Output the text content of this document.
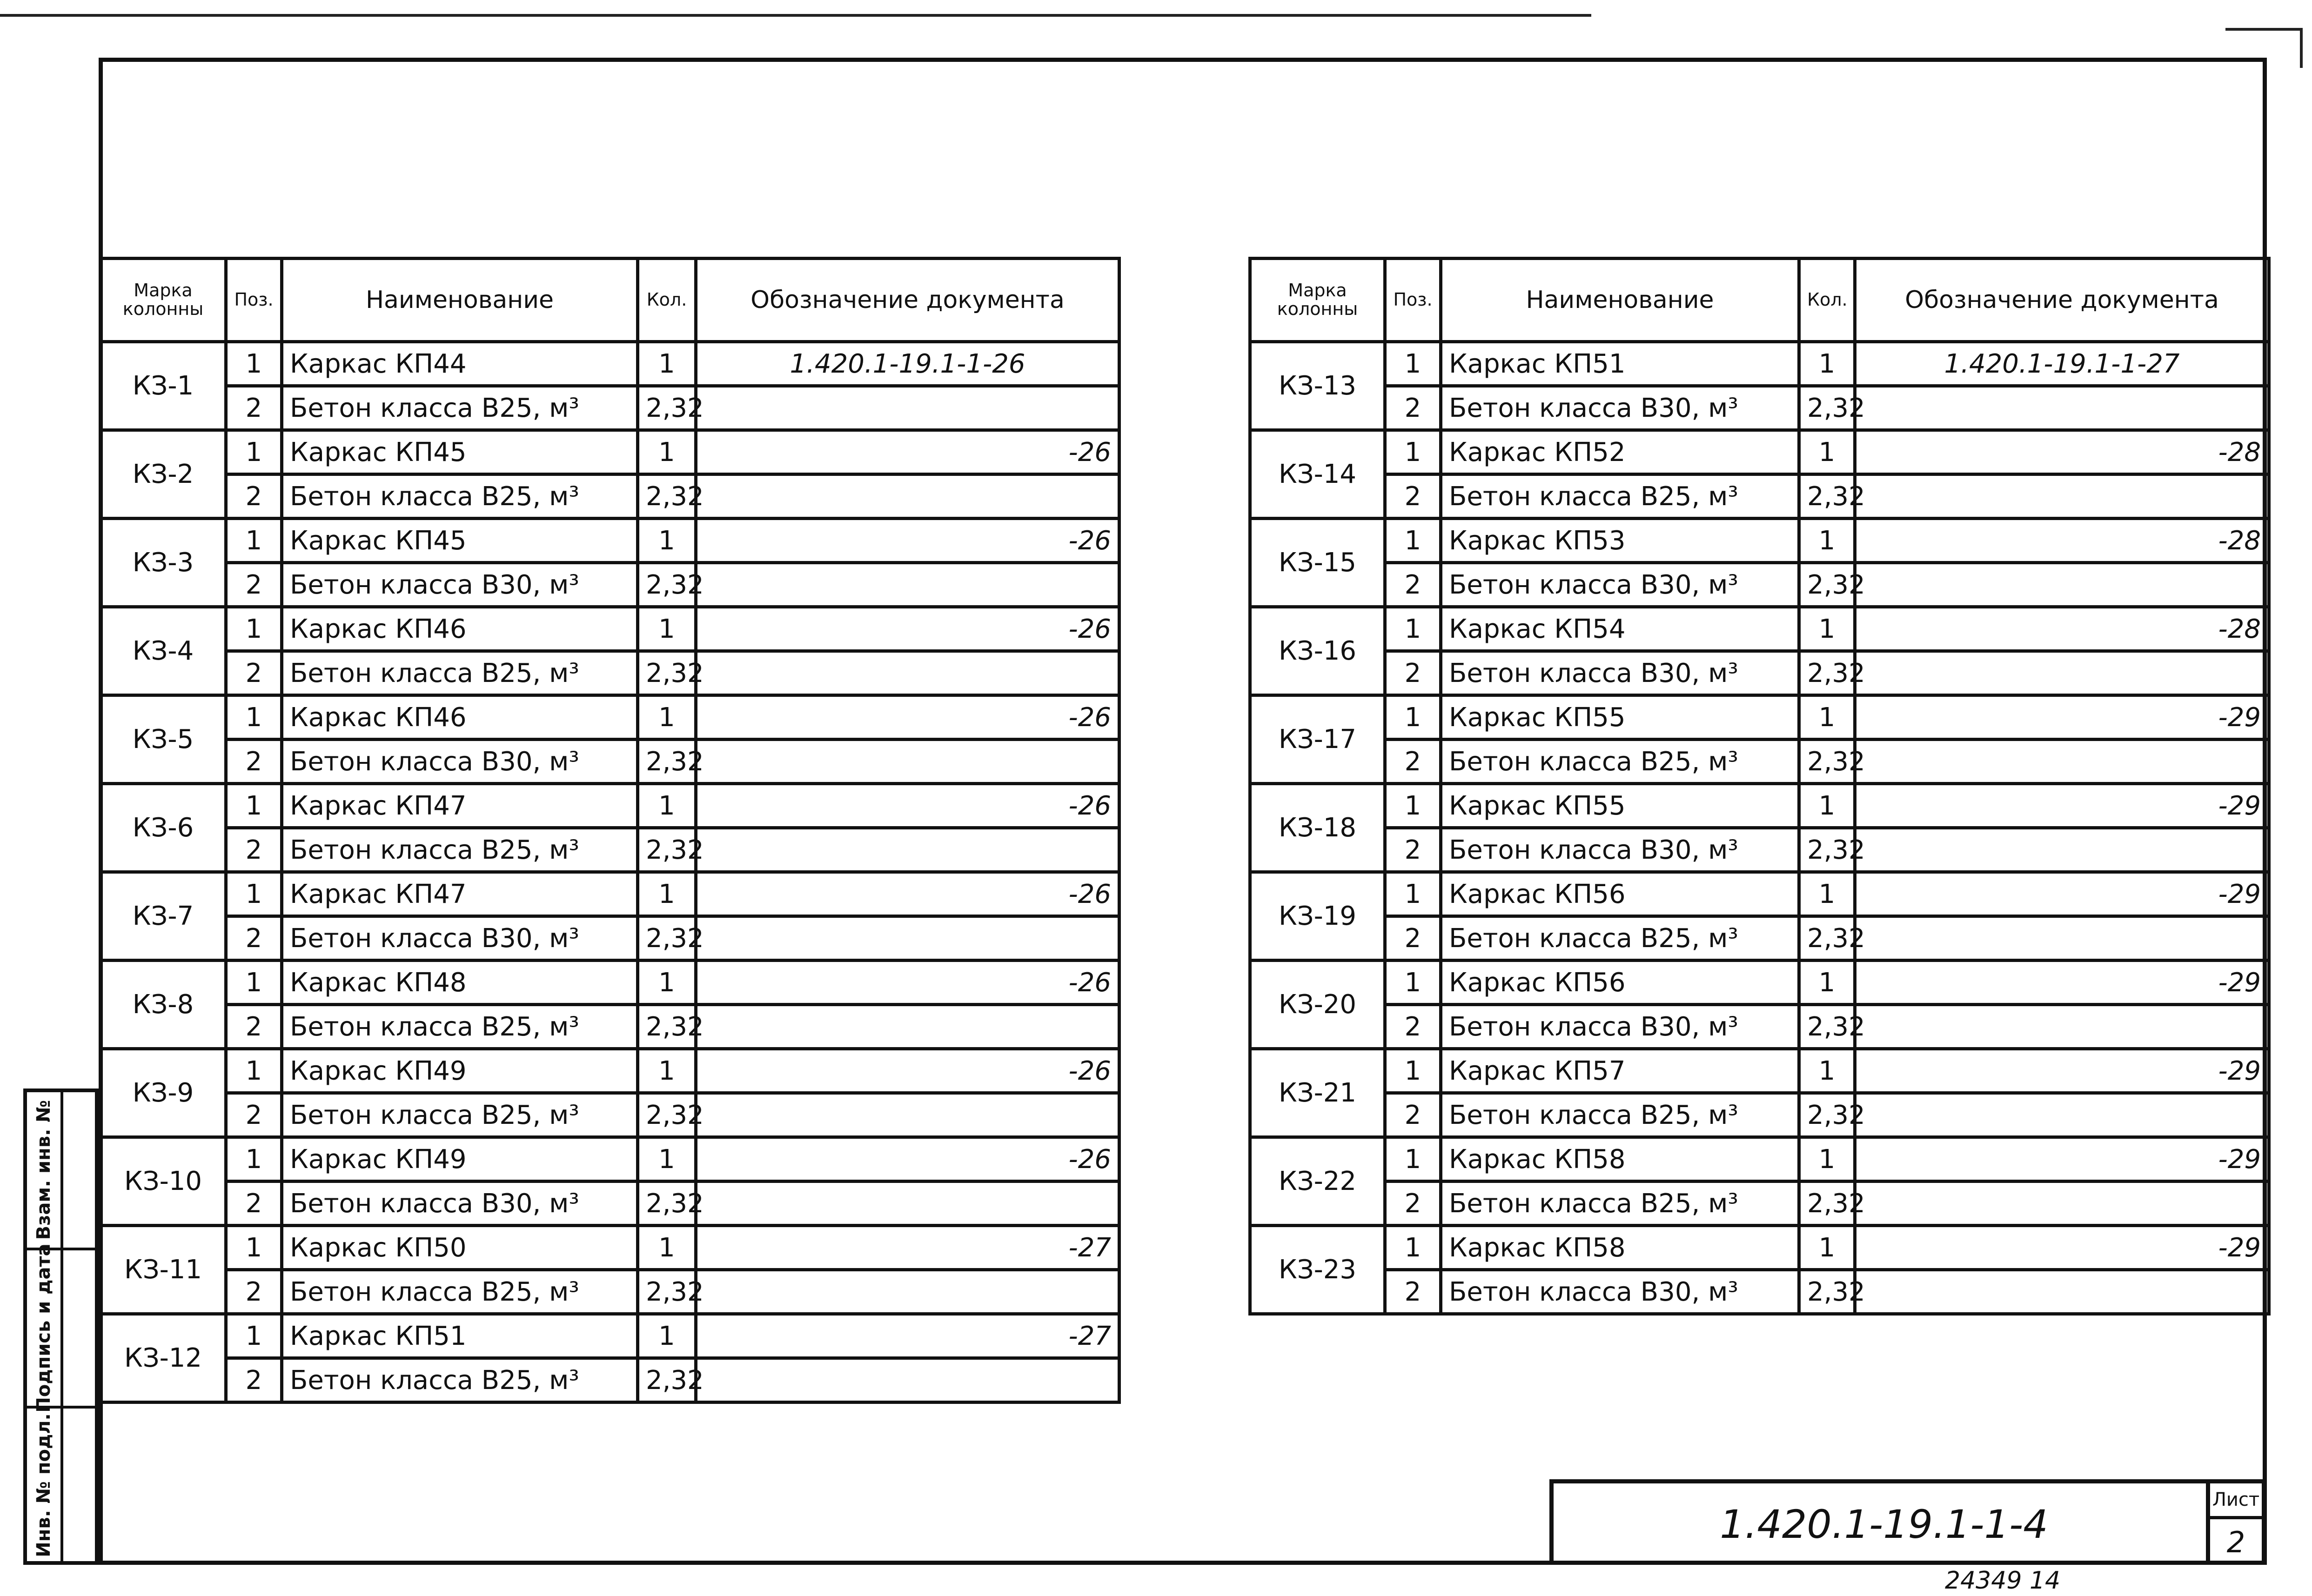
Взам. инв. №
Подпись и дата
Инв. № подл.
Марка колонны	Поз.	Наименование	Кол.	Обозначение документа
КЗ-1	1	Каркас КП44	1	1.420.1-19.1-1-26
	2	Бетон класса В25, м³	2,32	
КЗ-2	1	Каркас КП45	1	-26
	2	Бетон класса В25, м³	2,32	
КЗ-3	1	Каркас КП45	1	-26
	2	Бетон класса В30, м³	2,32	
КЗ-4	1	Каркас КП46	1	-26
	2	Бетон класса В25, м³	2,32	
КЗ-5	1	Каркас КП46	1	-26
	2	Бетон класса В30, м³	2,32	
КЗ-6	1	Каркас КП47	1	-26
	2	Бетон класса В25, м³	2,32	
КЗ-7	1	Каркас КП47	1	-26
	2	Бетон класса В30, м³	2,32	
КЗ-8	1	Каркас КП48	1	-26
	2	Бетон класса В25, м³	2,32	
КЗ-9	1	Каркас КП49	1	-26
	2	Бетон класса В25, м³	2,32	
КЗ-10	1	Каркас КП49	1	-26
	2	Бетон класса В30, м³	2,32	
КЗ-11	1	Каркас КП50	1	-27
	2	Бетон класса В25, м³	2,32	
КЗ-12	1	Каркас КП51	1	-27
	2	Бетон класса В25, м³	2,32	
Марка колонны	Поз.	Наименование	Кол.	Обозначение документа
КЗ-13	1	Каркас КП51	1	1.420.1-19.1-1-27
	2	Бетон класса В30, м³	2,32	
КЗ-14	1	Каркас КП52	1	-28
	2	Бетон класса В25, м³	2,32	
КЗ-15	1	Каркас КП53	1	-28
	2	Бетон класса В30, м³	2,32	
КЗ-16	1	Каркас КП54	1	-28
	2	Бетон класса В30, м³	2,32	
КЗ-17	1	Каркас КП55	1	-29
	2	Бетон класса В25, м³	2,32	
КЗ-18	1	Каркас КП55	1	-29
	2	Бетон класса В30, м³	2,32	
КЗ-19	1	Каркас КП56	1	-29
	2	Бетон класса В25, м³	2,32	
КЗ-20	1	Каркас КП56	1	-29
	2	Бетон класса В30, м³	2,32	
КЗ-21	1	Каркас КП57	1	-29
	2	Бетон класса В25, м³	2,32	
КЗ-22	1	Каркас КП58	1	-29
	2	Бетон класса В25, м³	2,32	
КЗ-23	1	Каркас КП58	1	-29
	2	Бетон класса В30, м³	2,32	
1.420.1-19.1-1-4
Лист
2
24349 14
